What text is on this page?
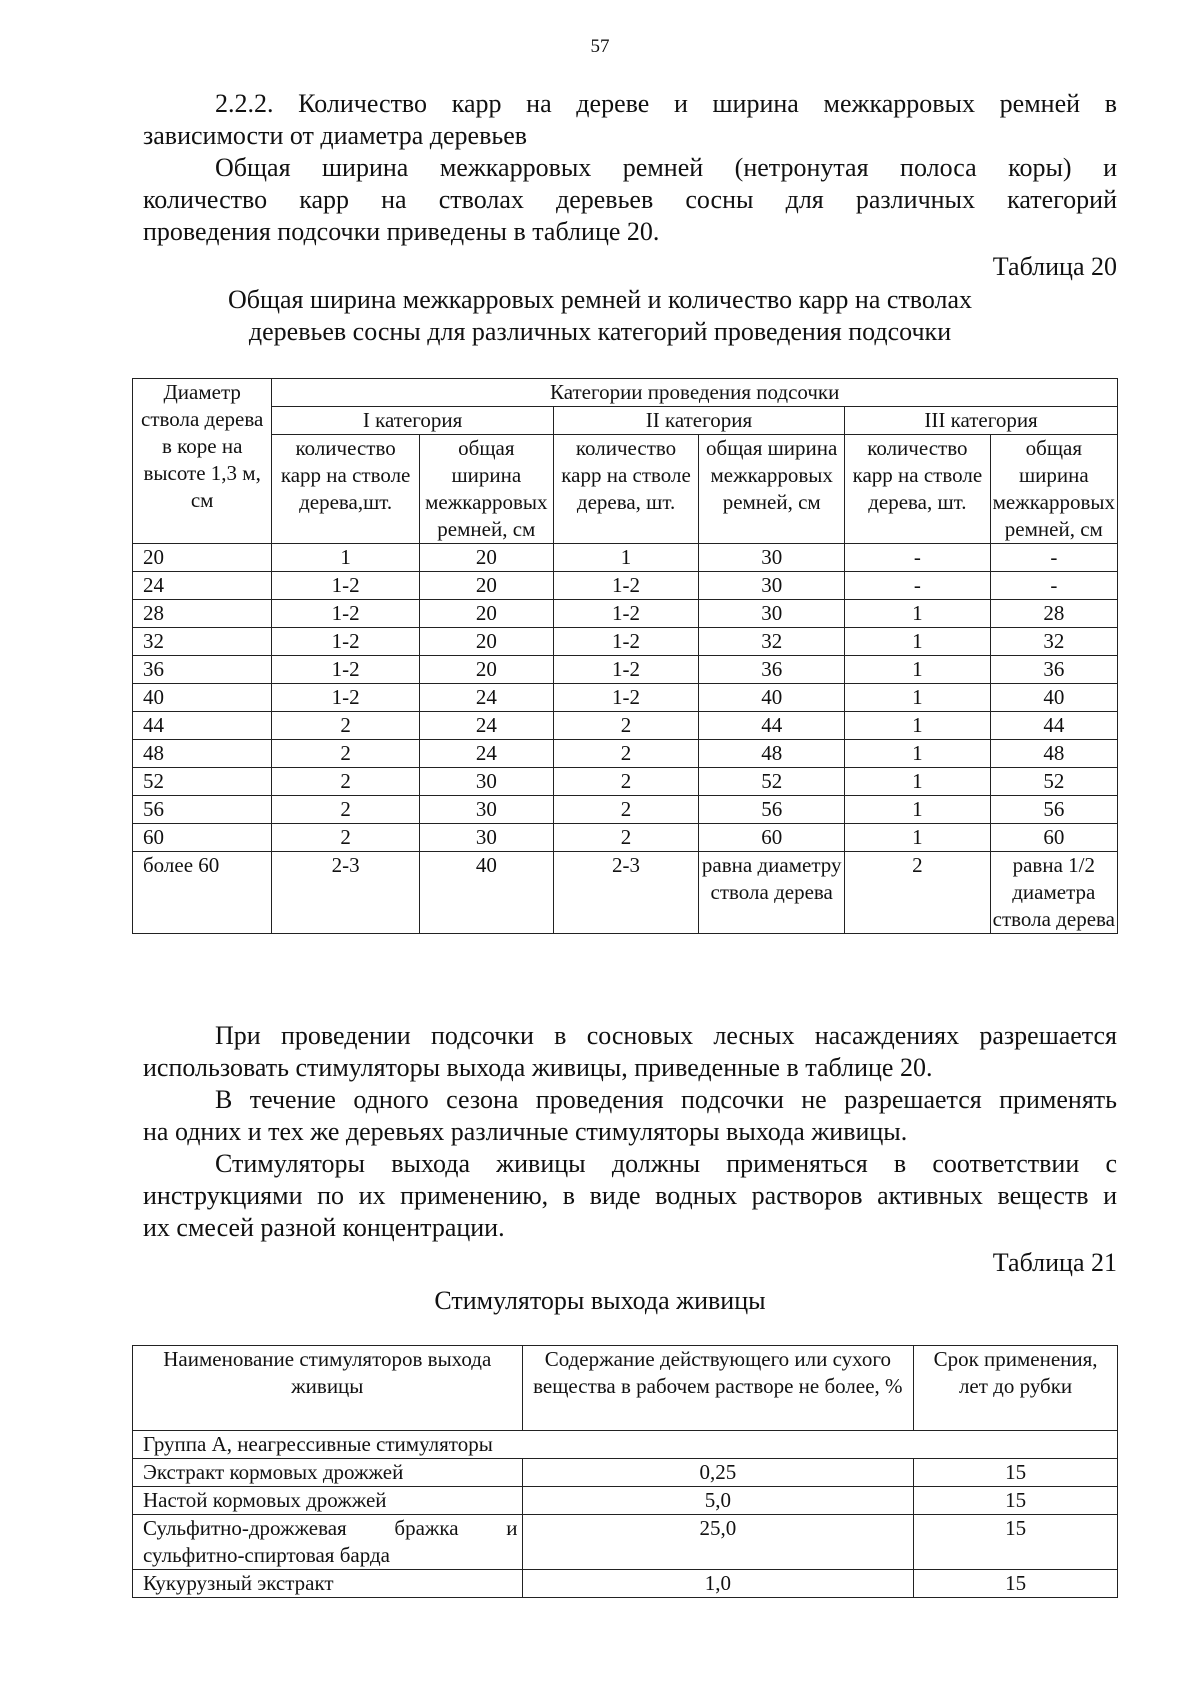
57

2.2.2. Количество карр на дереве и ширина межкарровых ремней в

зависимости от диаметра деревьев

Общая ширина межкарровых ремней (нетронутая полоса коры) и

количество карр на стволах деревьев сосны для различных категорий

проведения подсочки приведены в таблице 20.

Таблица 20
Общая ширина межкарровых ремней и количество карр на стволах
деревьев сосны для различных категорий проведения подсочки
Диаметр ствола дерева в коре на высоте 1,3 м, см	Категории проведения подсочки					
	I категория		II категория		III категория	
	количество карр на стволе дерева,шт.	общая ширина межкарровых ремней, см	количество карр на стволе дерева, шт.	общая ширина межкарровых ремней, см	количество карр на стволе дерева, шт.	общая ширина межкарровых ремней, см
20	1	20	1	30	-	-
24	1-2	20	1-2	30	-	-
28	1-2	20	1-2	30	1	28
32	1-2	20	1-2	32	1	32
36	1-2	20	1-2	36	1	36
40	1-2	24	1-2	40	1	40
44	2	24	2	44	1	44
48	2	24	2	48	1	48
52	2	30	2	52	1	52
56	2	30	2	56	1	56
60	2	30	2	60	1	60
более 60	2-3	40	2-3	равна диаметру ствола дерева	2	равна 1/2 диаметра ствола дерева

При проведении подсочки в сосновых лесных насаждениях разрешается

использовать стимуляторы выхода живицы, приведенные в таблице 20.

В течение одного сезона проведения подсочки не разрешается применять

на одних и тех же деревьях различные стимуляторы выхода живицы.

Стимуляторы выхода живицы должны применяться в соответствии с

инструкциями по их применению, в виде водных растворов активных веществ и

их смесей разной концентрации.

Таблица 21
Стимуляторы выхода живицы
Наименование стимуляторов выхода живицы	Содержание действующего или сухого вещества в рабочем растворе не более, %	Срок применения, лет до рубки
Группа А, неагрессивные стимуляторы		
Экстракт кормовых дрожжей	0,25	15
Настой кормовых дрожжей	5,0	15
Сульфитно-дрожжевая бражка и сульфитно-спиртовая барда	25,0	15
Кукурузный экстракт	1,0	15
